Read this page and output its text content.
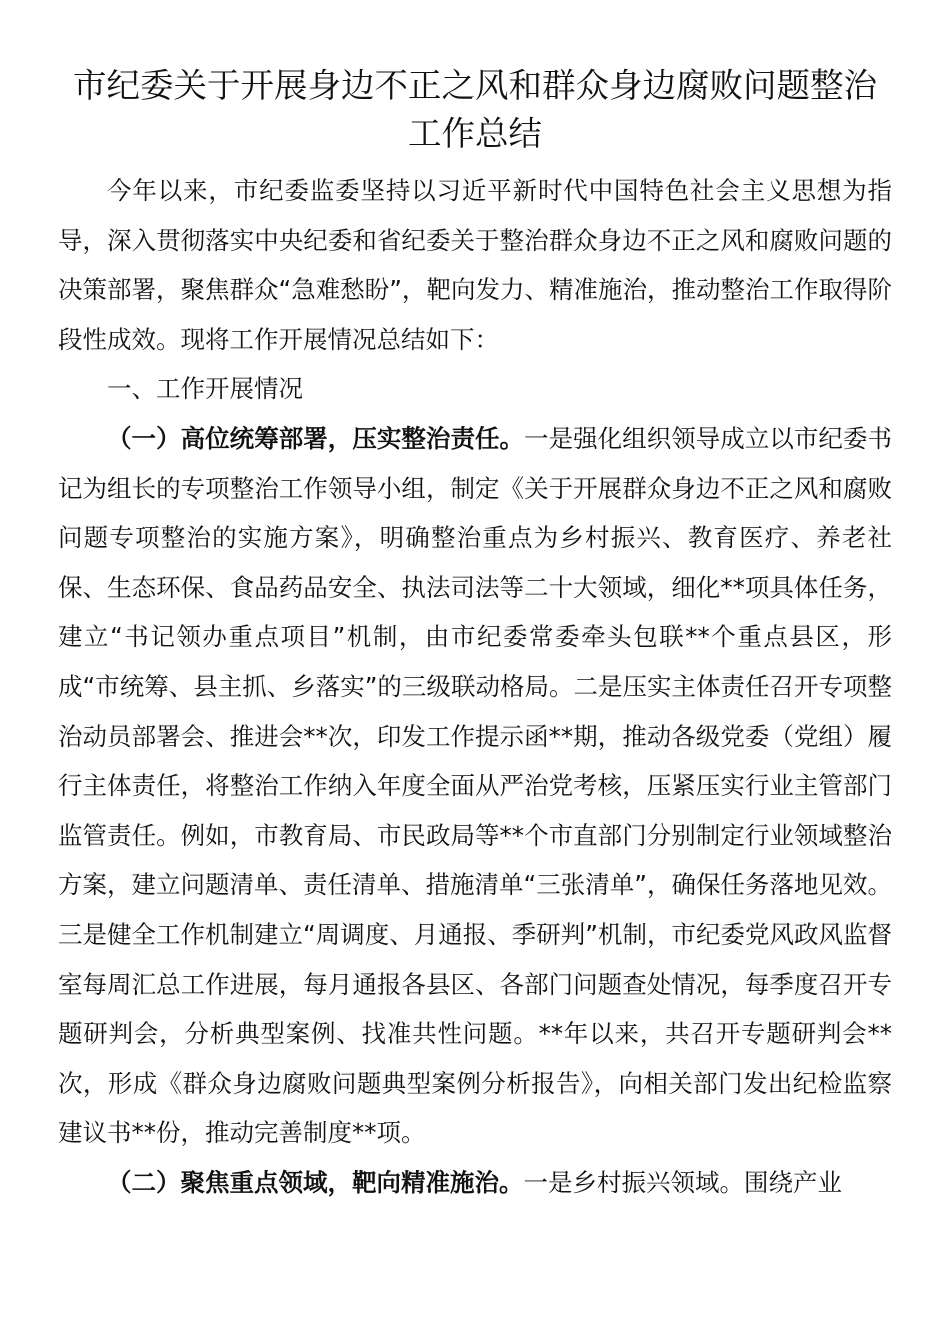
市纪委关于开展身边不正之风和群众身边腐败问题整治工作总结

今年以来，市纪委监委坚持以习近平新时代中国特色社会主义思想为指导，深入贯彻落实中央纪委和省纪委关于整治群众身边不正之风和腐败问题的决策部署，聚焦群众“急难愁盼”，靶向发力、精准施治，推动整治工作取得阶段性成效。现将工作开展情况总结如下：

一、工作开展情况

（一）高位统筹部署，压实整治责任。一是强化组织领导成立以市纪委书记为组长的专项整治工作领导小组，制定《关于开展群众身边不正之风和腐败问题专项整治的实施方案》，明确整治重点为乡村振兴、教育医疗、养老社保、生态环保、食品药品安全、执法司法等二十大领域，细化**项具体任务，建立“书记领办重点项目”机制，由市纪委常委牵头包联**个重点县区，形成“市统筹、县主抓、乡落实”的三级联动格局。二是压实主体责任召开专项整治动员部署会、推进会**次，印发工作提示函**期，推动各级党委（党组）履行主体责任，将整治工作纳入年度全面从严治党考核，压紧压实行业主管部门监管责任。例如，市教育局、市民政局等**个市直部门分别制定行业领域整治方案，建立问题清单、责任清单、措施清单“三张清单”，确保任务落地见效。三是健全工作机制建立“周调度、月通报、季研判”机制，市纪委党风政风监督室每周汇总工作进展，每月通报各县区、各部门问题查处情况，每季度召开专题研判会，分析典型案例、找准共性问题。**年以来，共召开专题研判会**次，形成《群众身边腐败问题典型案例分析报告》，向相关部门发出纪检监察建议书**份，推动完善制度**项。

（二）聚焦重点领域，靶向精准施治。一是乡村振兴领域。围绕产业
